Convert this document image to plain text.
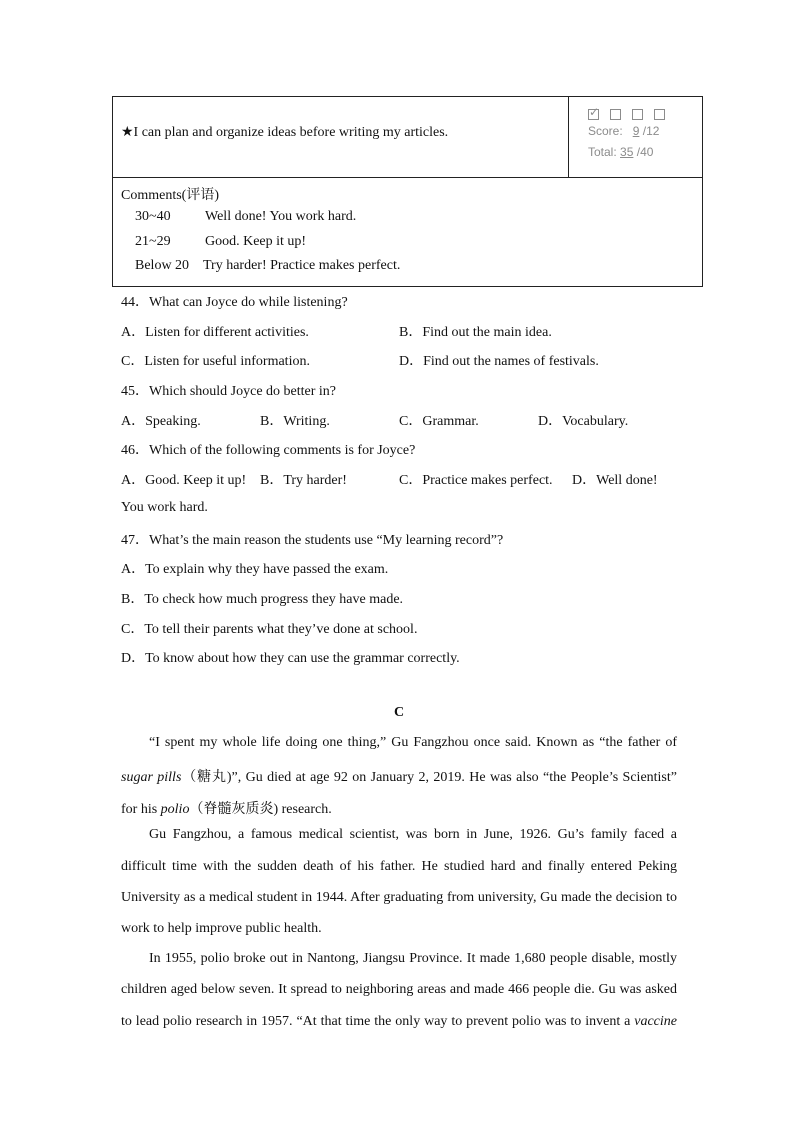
★I can plan and organize ideas before writing my articles.
✓	Score: 9 /12
Total: 35 /40
Comments(评语)
30~40 Well done! You work hard.
21~29 Good. Keep it up!
Below 20 Try harder! Practice makes perfect.
44．What can Joyce do while listening?
A．Listen for different activities.	B．Find out the main idea.
C．Listen for useful information.	D．Find out the names of festivals.
45．Which should Joyce do better in?
A．Speaking.	B．Writing.	C．Grammar.	D．Vocabulary.
46．Which of the following comments is for Joyce?
A．Good. Keep it up! B．Try harder!	C．Practice makes perfect. D．Well done!
You work hard.
47．What’s the main reason the students use “My learning record”?
A．To explain why they have passed the exam.
B．To check how much progress they have made.
C．To tell their parents what they’ve done at school.
D．To know about how they can use the grammar correctly.
C
“I spent my whole life doing one thing,” Gu Fangzhou once said. Known as “the father of
sugar pills（糖丸)”, Gu died at age 92 on January 2, 2019. He was also “the People’s Scientist”
for his polio（脊髓灰质炎) research.
Gu Fangzhou, a famous medical scientist, was born in June, 1926. Gu’s family faced a
difficult time with the sudden death of his father. He studied hard and finally entered Peking
University as a medical student in 1944. After graduating from university, Gu made the decision to
work to help improve public health.
In 1955, polio broke out in Nantong, Jiangsu Province. It made 1,680 people disable, mostly
children aged below seven. It spread to neighboring areas and made 466 people die. Gu was asked
to lead polio research in 1957. “At that time the only way to prevent polio was to invent a vaccine
